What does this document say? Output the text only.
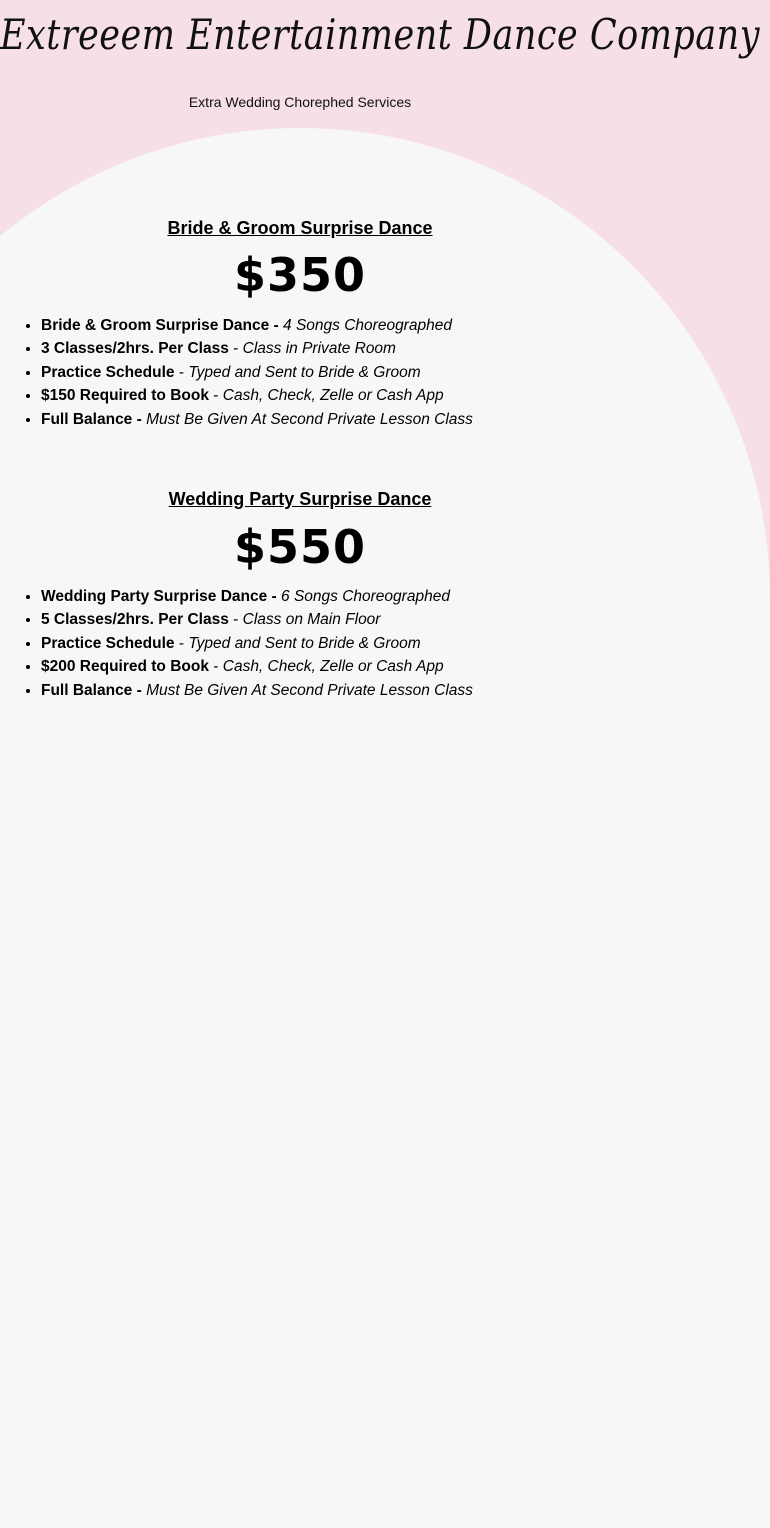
Extreeem Entertainment Dance Company
Extra Wedding Chorephed Services
Bride & Groom Surprise Dance
$350
• Bride & Groom Surprise Dance - 4 Songs Choreographed
• 3 Classes/2hrs. Per Class - Class in Private Room
• Practice Schedule - Typed and Sent to Bride & Groom
• $150 Required to Book - Cash, Check, Zelle or Cash App
• Full Balance - Must Be Given At Second Private Lesson Class
Wedding Party Surprise Dance
$550
• Wedding Party Surprise Dance - 6 Songs Choreographed
• 5 Classes/2hrs. Per Class - Class on Main Floor
• Practice Schedule - Typed and Sent to Bride & Groom
• $200 Required to Book - Cash, Check, Zelle or Cash App
• Full Balance - Must Be Given At Second Private Lesson Class
